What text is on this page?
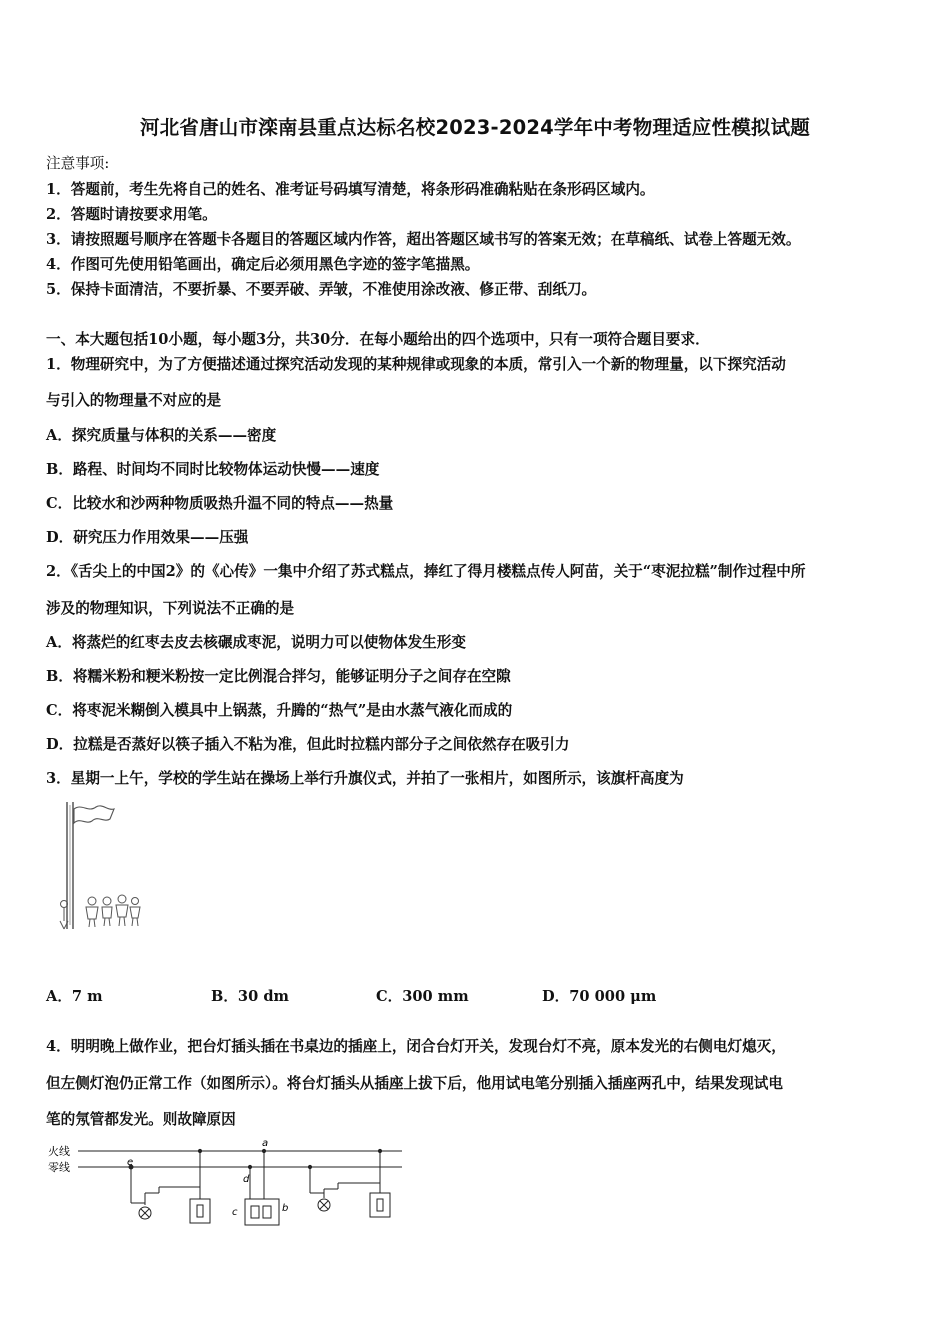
河北省唐山市滦南县重点达标名校2023-2024学年中考物理适应性模拟试题
注意事项:
1．答题前，考生先将自己的姓名、准考证号码填写清楚，将条形码准确粘贴在条形码区域内。
2．答题时请按要求用笔。
3．请按照题号顺序在答题卡各题目的答题区域内作答，超出答题区域书写的答案无效；在草稿纸、试卷上答题无效。
4．作图可先使用铅笔画出，确定后必须用黑色字迹的签字笔描黑。
5．保持卡面清洁，不要折暴、不要弄破、弄皱，不准使用涂改液、修正带、刮纸刀。
一、本大题包括10小题，每小题3分，共30分．在每小题给出的四个选项中，只有一项符合题目要求．
1．物理研究中，为了方便描述通过探究活动发现的某种规律或现象的本质，常引入一个新的物理量，以下探究活动
与引入的物理量不对应的是
A．探究质量与体积的关系——密度
B．路程、时间均不同时比较物体运动快慢——速度
C．比较水和沙两种物质吸热升温不同的特点——热量
D．研究压力作用效果——压强
2．《舌尖上的中国2》的《心传》一集中介绍了苏式糕点，捧红了得月楼糕点传人阿苗，关于“枣泥拉糕”制作过程中所
涉及的物理知识，下列说法不正确的是
A．将蒸烂的红枣去皮去核碾成枣泥，说明力可以使物体发生形变
B．将糯米粉和粳米粉按一定比例混合拌匀，能够证明分子之间存在空隙
C．将枣泥米糊倒入模具中上锅蒸，升腾的“热气”是由水蒸气液化而成的
D．拉糕是否蒸好以筷子插入不粘为准，但此时拉糕内部分子之间依然存在吸引力
3．星期一上午，学校的学生站在操场上举行升旗仪式，并拍了一张相片，如图所示，该旗杆高度为
A．7 m	B．30 dm	C．300 mm	D．70 000 μm
4．明明晚上做作业，把台灯插头插在书桌边的插座上，闭合台灯开关，发现台灯不亮，原本发光的右侧电灯熄灭，
但左侧灯泡仍正常工作（如图所示）。将台灯插头从插座上拔下后，他用试电笔分别插入插座两孔中，结果发现试电
笔的氖管都发光。则故障原因
火线
零线	e
a
d
c	b
